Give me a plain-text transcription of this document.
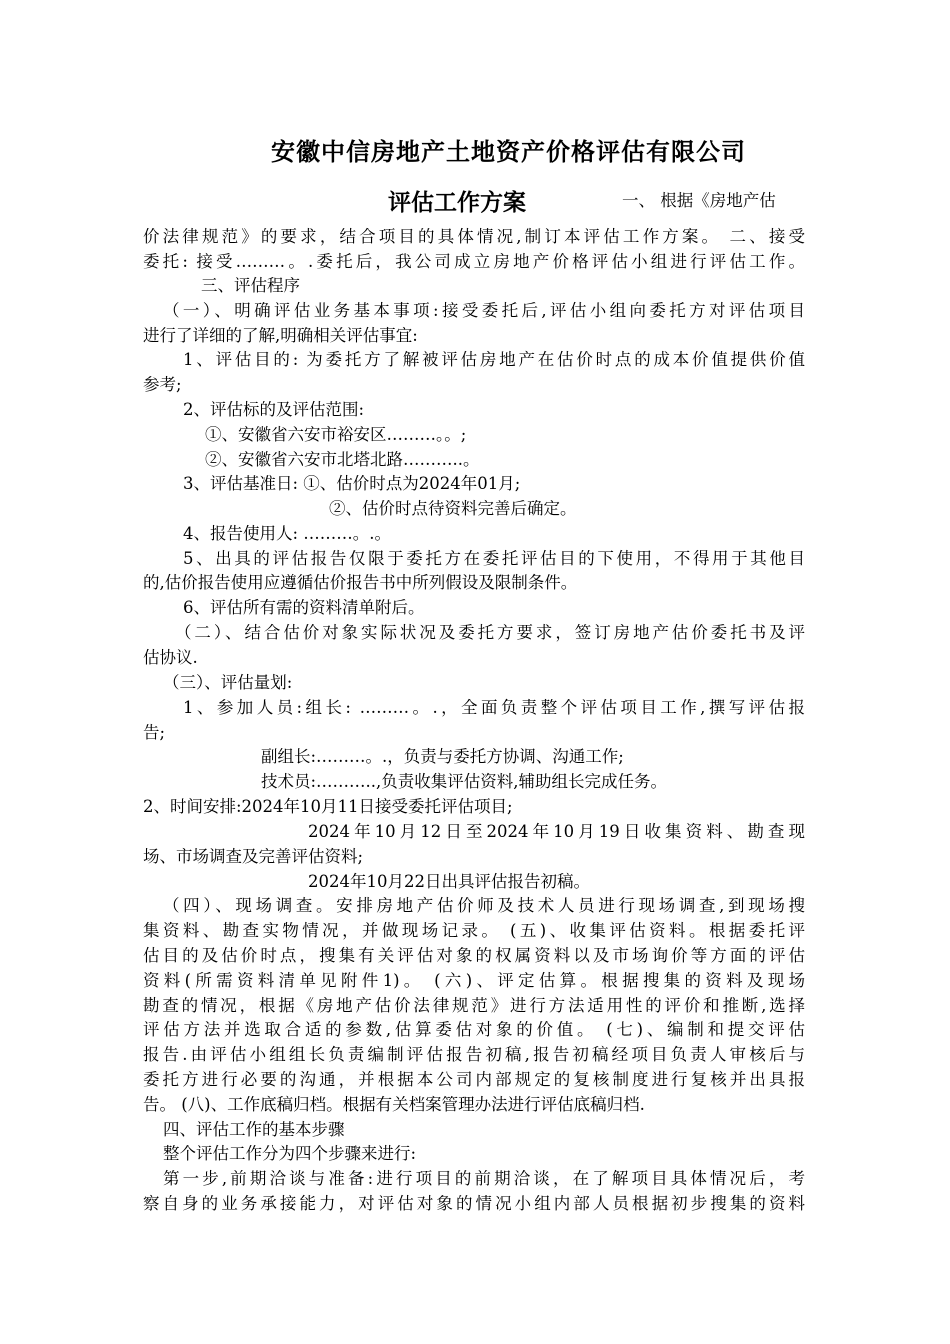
安徽中信房地产土地资产价格评估有限公司
评估工作方案	一、 根据《房地产估
价法律规范》的要求，结合项目的具体情况,制订本评估工作方案。 二、接受
委托: 接受………。.委托后，我公司成立房地产价格评估小组进行评估工作。
三、评估程序
（一）、明确评估业务基本事项:接受委托后,评估小组向委托方对评估项目
进行了详细的了解,明确相关评估事宜:
1、评估目的: 为委托方了解被评估房地产在估价时点的成本价值提供价值
参考;
2、评估标的及评估范围:
①、安徽省六安市裕安区………。。;
②、安徽省六安市北塔北路………..。
3、评估基准日: ①、估价时点为2024年01月;
②、估价时点待资料完善后确定。
4、报告使用人: ………。.。
5、出具的评估报告仅限于委托方在委托评估目的下使用，不得用于其他目
的,估价报告使用应遵循估价报告书中所列假设及限制条件。
6、评估所有需的资料清单附后。
（二）、结合估价对象实际状况及委托方要求，签订房地产估价委托书及评
估协议.
（三）、评估量划:
1、参加人员:组长: ………。.，全面负责整个评估项目工作,撰写评估报
告;
副组长:………。.，负责与委托方协调、沟通工作;
技术员:………..,负责收集评估资料,辅助组长完成任务。
2、时间安排:2024年10月11日接受委托评估项目;
2024年10月12日至2024年10月19日收集资料、勘查现
场、市场调查及完善评估资料;
2024年10月22日出具评估报告初稿。
（四）、现场调查。安排房地产估价师及技术人员进行现场调查,到现场搜
集资料、勘查实物情况，并做现场记录。 (五)、收集评估资料。根据委托评
估目的及估价时点，搜集有关评估对象的权属资料以及市场询价等方面的评估
资料(所需资料清单见附件1)。 (六)、评定估算。根据搜集的资料及现场
勘查的情况，根据《房地产估价法律规范》进行方法适用性的评价和推断,选择
评估方法并选取合适的参数,估算委估对象的价值。 (七)、编制和提交评估
报告.由评估小组组长负责编制评估报告初稿,报告初稿经项目负责人审核后与
委托方进行必要的沟通，并根据本公司内部规定的复核制度进行复核并出具报
告。 (八)、工作底稿归档。根据有关档案管理办法进行评估底稿归档.
四、评估工作的基本步骤
整个评估工作分为四个步骤来进行:
第一步,前期洽谈与准备:进行项目的前期洽谈，在了解项目具体情况后，考
察自身的业务承接能力，对评估对象的情况小组内部人员根据初步搜集的资料
